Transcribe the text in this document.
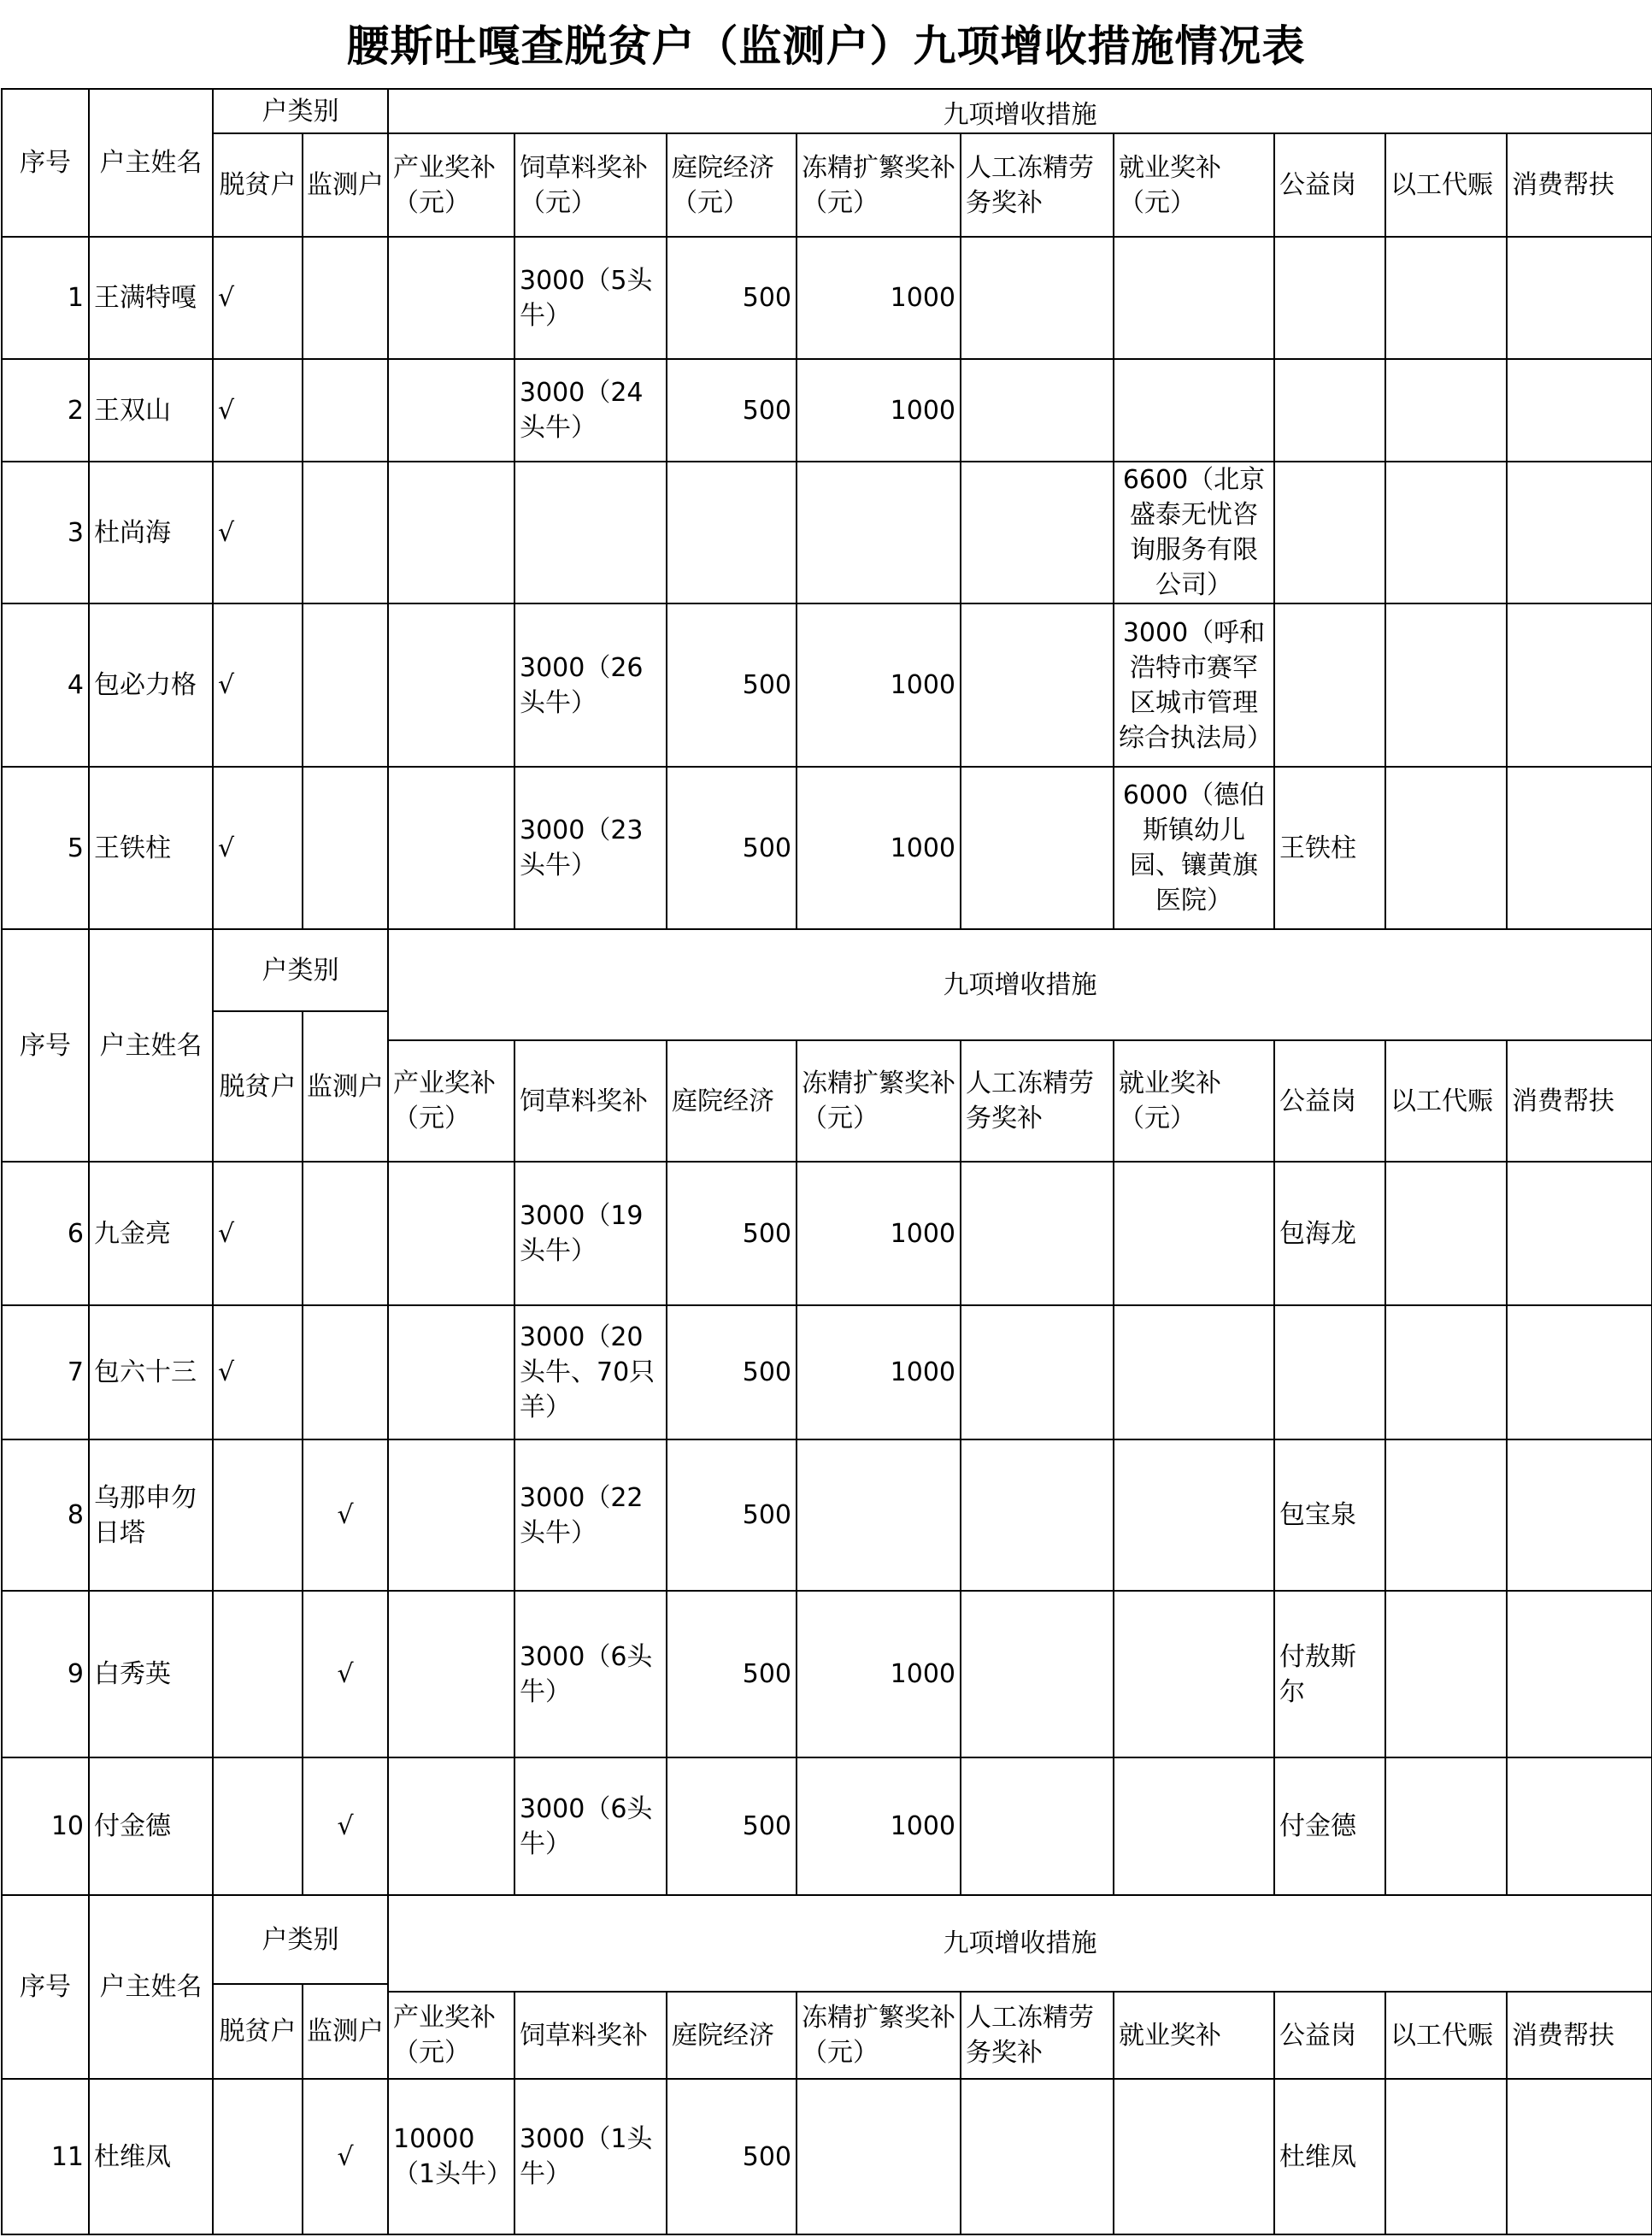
腰斯吐嘎查脱贫户（监测户）九项增收措施情况表
序号	户主姓名	户类别		九项增收措施								
		脱贫户	监测户	产业奖补（元）	饲草料奖补（元）	庭院经济（元）	冻精扩繁奖补（元）	人工冻精劳务奖补	就业奖补（元）	公益岗	以工代赈	消费帮扶
1	王满特嘎	√			3000（5头牛）	500	1000					
2	王双山	√			3000（24头牛）	500	1000					
3	杜尚海	√							6600（北京盛泰无忧咨询服务有限公司）			
4	包必力格	√			3000（26头牛）	500	1000		3000（呼和浩特市赛罕区城市管理综合执法局）			
5	王铁柱	√			3000（23头牛）	500	1000		6000（德伯斯镇幼儿园、镶黄旗医院）	王铁柱		
序号	户主姓名	户类别		九项增收措施								
		脱贫户	监测户									
				产业奖补（元）	饲草料奖补	庭院经济	冻精扩繁奖补（元）	人工冻精劳务奖补	就业奖补（元）	公益岗	以工代赈	消费帮扶
6	九金亮	√			3000（19头牛）	500	1000			包海龙		
7	包六十三	√			3000（20头牛、70只羊）	500	1000					
8	乌那申勿日塔		√		3000（22头牛）	500				包宝泉		
9	白秀英		√		3000（6头牛）	500	1000			付敖斯尔		
10	付金德		√		3000（6头牛）	500	1000			付金德		
序号	户主姓名	户类别		九项增收措施								
		脱贫户	监测户									
				产业奖补（元）	饲草料奖补	庭院经济	冻精扩繁奖补（元）	人工冻精劳务奖补	就业奖补	公益岗	以工代赈	消费帮扶
11	杜维凤		√	10000（1头牛）	3000（1头牛）	500				杜维凤		
